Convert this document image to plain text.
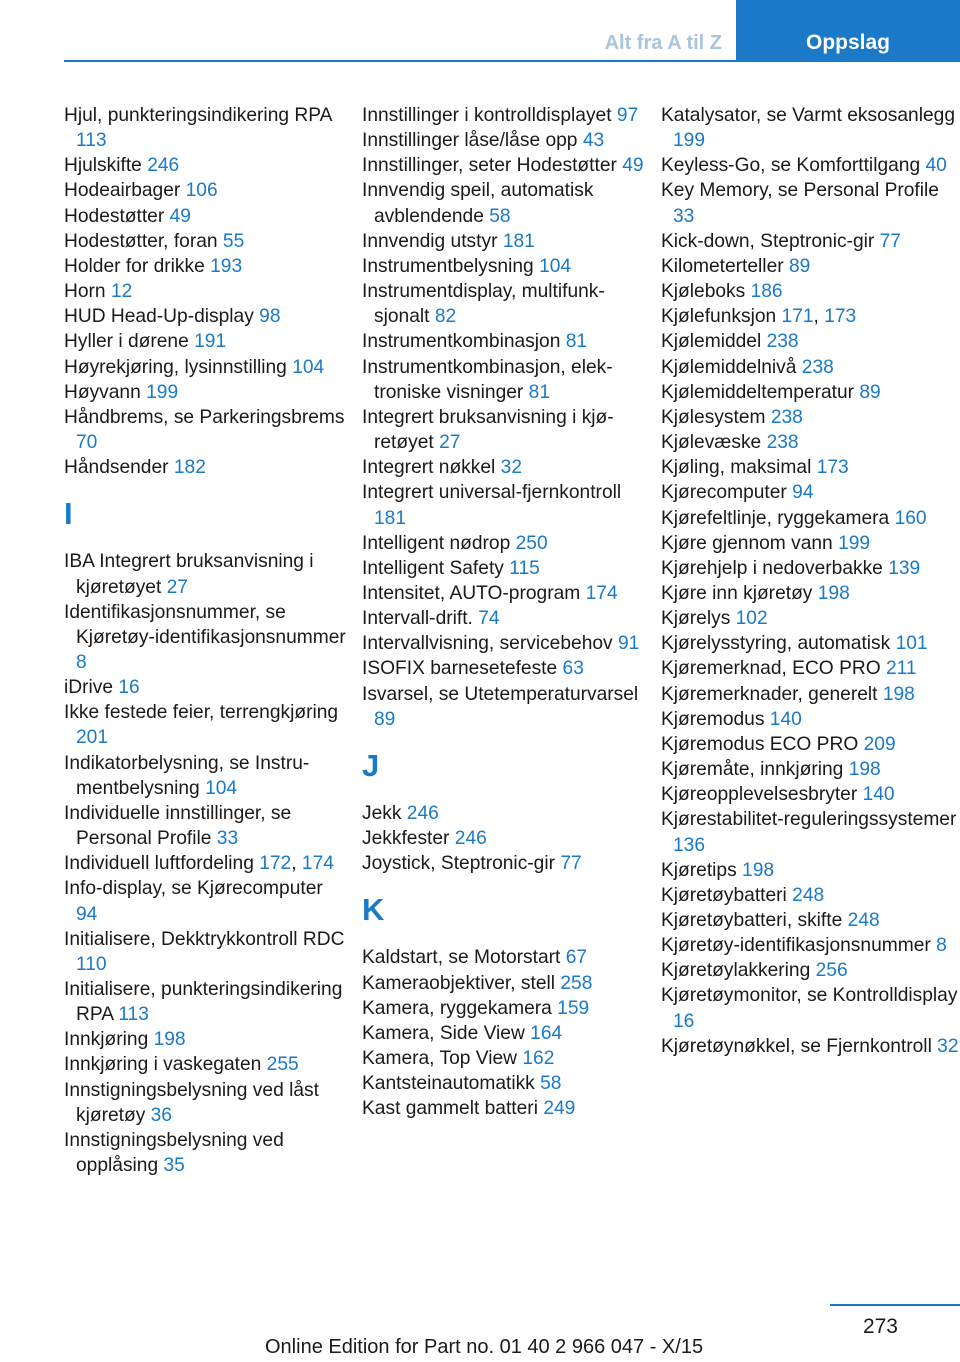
Alt fra A til Z	Oppslag
Hjul, punkteringsindikering RPA 113
Hjulskifte 246
Hodeairbager 106
Hodestøtter 49
Hodestøtter, foran 55
Holder for drikke 193
Horn 12
HUD Head-Up-display 98
Hyller i dørene 191
Høyrekjøring, lysinnstilling 104
Høyvann 199
Håndbrems, se Parkeringsbrems 70
Håndsender 182
I
IBA Integrert bruksanvisning i kjøretøyet 27
Identifikasjonsnummer, se Kjøretøy-identifikasjonsnummer 8
iDrive 16
Ikke festede feier, terrengkjøring 201
Indikatorbelysning, se Instrumentbelysning 104
Individuelle innstillinger, se Personal Profile 33
Individuell luftfordeling 172, 174
Info-display, se Kjørecomputer 94
Initialisere, Dekktrykkontroll RDC 110
Initialisere, punkteringsindikering RPA 113
Innkjøring 198
Innkjøring i vaskegaten 255
Innstigningsbelysning ved låst kjøretøy 36
Innstigningsbelysning ved opplåsing 35
Innstillinger i kontrolldisplayet 97
Innstillinger låse/låse opp 43
Innstillinger, seter Hodestøtter 49
Innvendig speil, automatisk avblendende 58
Innvendig utstyr 181
Instrumentbelysning 104
Instrumentdisplay, multifunksjonalt 82
Instrumentkombinasjon 81
Instrumentkombinasjon, elektroniske visninger 81
Integrert bruksanvisning i kjøretøyet 27
Integrert nøkkel 32
Integrert universal-fjernkontroll 181
Intelligent nødrop 250
Intelligent Safety 115
Intensitet, AUTO-program 174
Intervall-drift. 74
Intervallvisning, servicebehov 91
ISOFIX barnesetefeste 63
Isvarsel, se Utetemperaturvarsel 89
J
Jekk 246
Jekkfester 246
Joystick, Steptronic-gir 77
K
Kaldstart, se Motorstart 67
Kameraobjektiver, stell 258
Kamera, ryggekamera 159
Kamera, Side View 164
Kamera, Top View 162
Kantsteinautomatikk 58
Kast gammelt batteri 249
Katalysator, se Varmt eksosanlegg 199
Keyless-Go, se Komforttilgang 40
Key Memory, se Personal Profile 33
Kick-down, Steptronic-gir 77
Kilometerteller 89
Kjøleboks 186
Kjølefunksjon 171, 173
Kjølemiddel 238
Kjølemiddelnivå 238
Kjølemiddeltemperatur 89
Kjølesystem 238
Kjølevæske 238
Kjøling, maksimal 173
Kjørecomputer 94
Kjørefeltlinje, ryggekamera 160
Kjøre gjennom vann 199
Kjørehjelp i nedoverbakke 139
Kjøre inn kjøretøy 198
Kjørelys 102
Kjørelysstyring, automatisk 101
Kjøremerknad, ECO PRO 211
Kjøremerknader, generelt 198
Kjøremodus 140
Kjøremodus ECO PRO 209
Kjøremåte, innkjøring 198
Kjøreopplevelsesbryter 140
Kjørestabilitet-reguleringssystemer 136
Kjøretips 198
Kjøretøybatteri 248
Kjøretøybatteri, skifte 248
Kjøretøy-identifikasjonsnummer 8
Kjøretøylakkering 256
Kjøretøymonitor, se Kontrolldisplay 16
Kjøretøynøkkel, se Fjernkontroll 32
273
Online Edition for Part no. 01 40 2 966 047 - X/15
